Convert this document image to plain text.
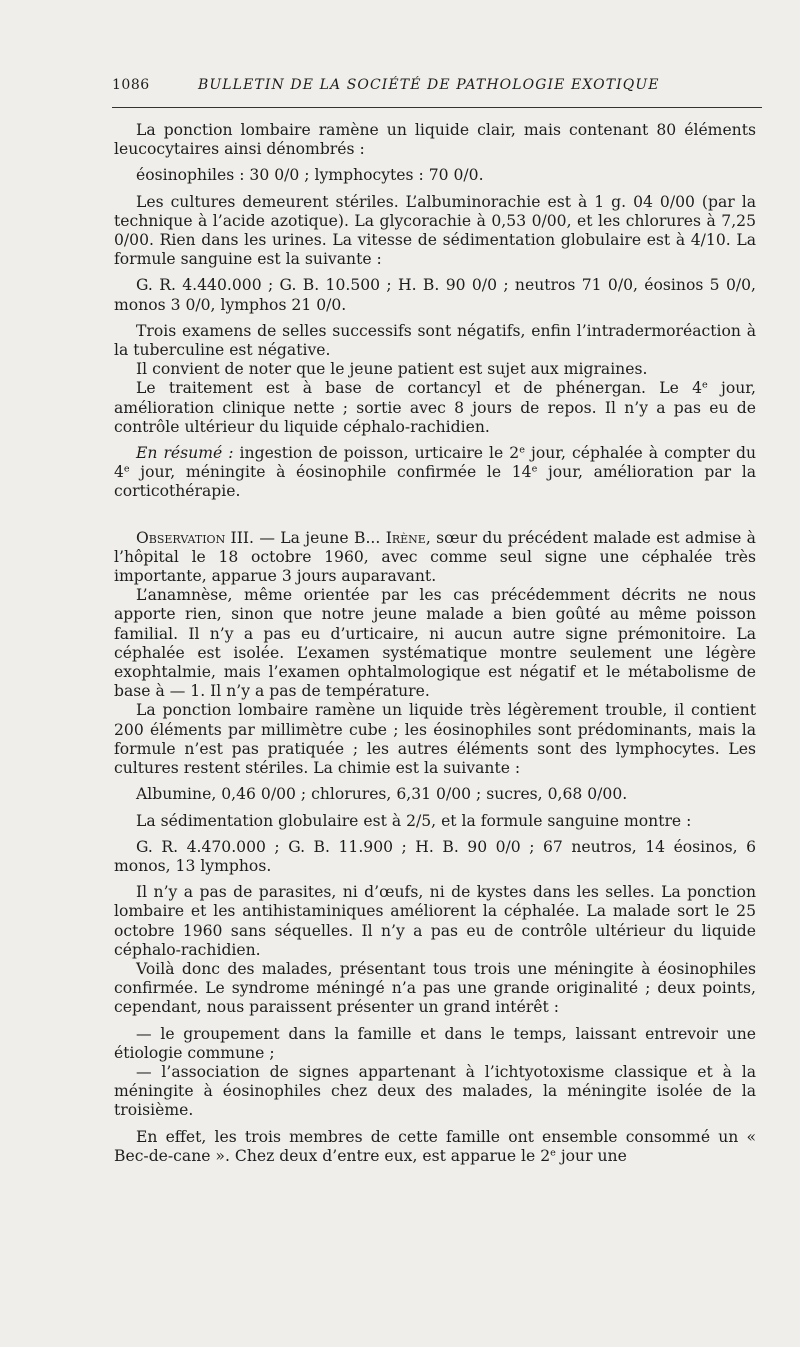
1086	BULLETIN DE LA SOCIÉTÉ DE PATHOLOGIE EXOTIQUE

La ponction lombaire ramène un liquide clair, mais contenant 80 éléments leucocytaires ainsi dénombrés :

éosinophiles : 30 0/0 ; lymphocytes : 70 0/0.

Les cultures demeurent stériles. L’albuminorachie est à 1 g. 04 0/00 (par la technique à l’acide azotique). La glycorachie à 0,53 0/00, et les chlorures à 7,25 0/00. Rien dans les urines. La vitesse de sédimentation globulaire est à 4/10. La formule sanguine est la suivante :

G. R. 4.440.000 ; G. B. 10.500 ; H. B. 90 0/0 ; neutros 71 0/0, éosinos 5 0/0, monos 3 0/0, lymphos 21 0/0.

Trois examens de selles successifs sont négatifs, enfin l’intradermoréaction à la tuberculine est négative.

Il convient de noter que le jeune patient est sujet aux migraines.

Le traitement est à base de cortancyl et de phénergan. Le 4e jour, amélioration clinique nette ; sortie avec 8 jours de repos. Il n’y a pas eu de contrôle ultérieur du liquide céphalo-rachidien.

En résumé : ingestion de poisson, urticaire le 2e jour, céphalée à compter du 4e jour, méningite à éosinophile confirmée le 14e jour, amélioration par la corticothérapie.

Observation III. — La jeune B... Irène, sœur du précédent malade est admise à l’hôpital le 18 octobre 1960, avec comme seul signe une céphalée très importante, apparue 3 jours auparavant.

L’anamnèse, même orientée par les cas précédemment décrits ne nous apporte rien, sinon que notre jeune malade a bien goûté au même poisson familial. Il n’y a pas eu d’urticaire, ni aucun autre signe prémonitoire. La céphalée est isolée. L’examen systématique montre seulement une légère exophtalmie, mais l’examen ophtalmologique est négatif et le métabolisme de base à — 1. Il n’y a pas de température.

La ponction lombaire ramène un liquide très légèrement trouble, il contient 200 éléments par millimètre cube ; les éosinophiles sont prédominants, mais la formule n’est pas pratiquée ; les autres éléments sont des lymphocytes. Les cultures restent stériles. La chimie est la suivante :

Albumine, 0,46 0/00 ; chlorures, 6,31 0/00 ; sucres, 0,68 0/00.

La sédimentation globulaire est à 2/5, et la formule sanguine montre :

G. R. 4.470.000 ; G. B. 11.900 ; H. B. 90 0/0 ; 67 neutros, 14 éosinos, 6 monos, 13 lymphos.

Il n’y a pas de parasites, ni d’œufs, ni de kystes dans les selles. La ponction lombaire et les antihistaminiques améliorent la céphalée. La malade sort le 25 octobre 1960 sans séquelles. Il n’y a pas eu de contrôle ultérieur du liquide céphalo-rachidien.

Voilà donc des malades, présentant tous trois une méningite à éosinophiles confirmée. Le syndrome méningé n’a pas une grande originalité ; deux points, cependant, nous paraissent présenter un grand intérêt :

— le groupement dans la famille et dans le temps, laissant entrevoir une étiologie commune ;

— l’association de signes appartenant à l’ichtyotoxisme classique et à la méningite à éosinophiles chez deux des malades, la méningite isolée de la troisième.

En effet, les trois membres de cette famille ont ensemble consommé un « Bec-de-cane ». Chez deux d’entre eux, est apparue le 2e jour une
